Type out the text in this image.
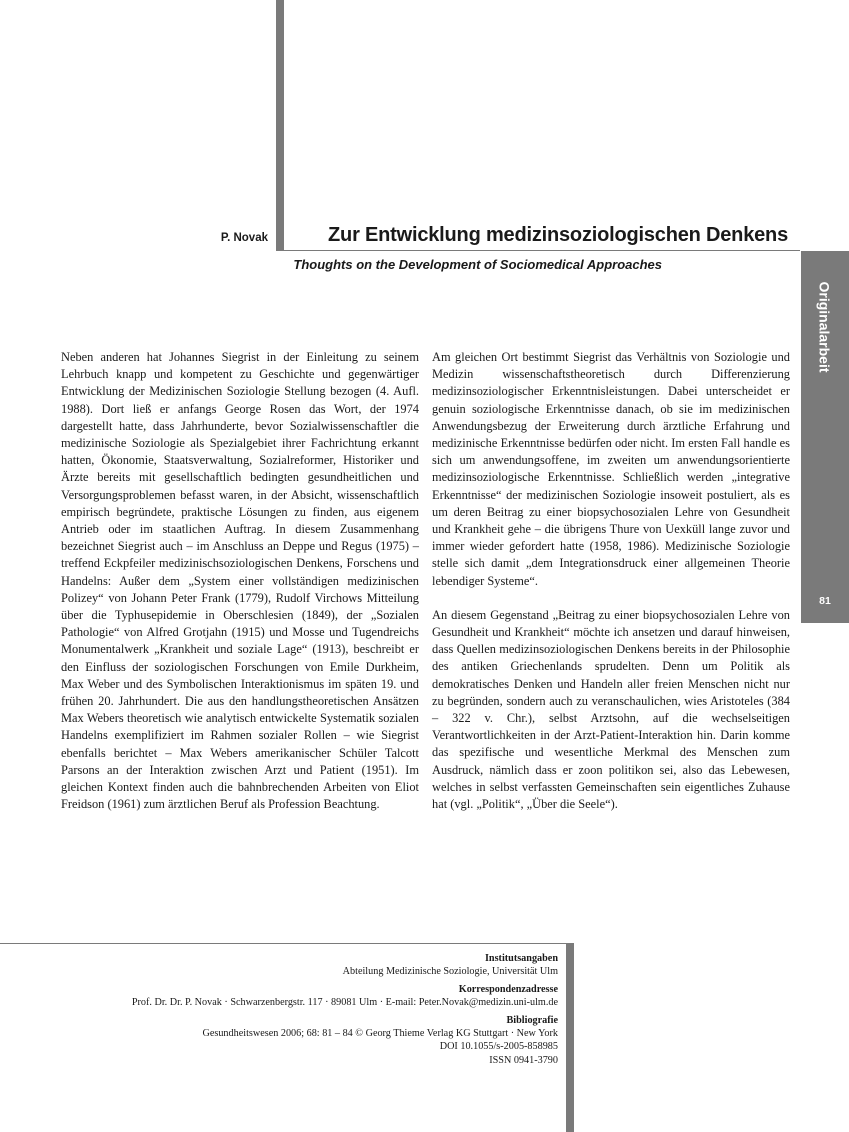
P. Novak	Zur Entwicklung medizinsoziologischen Denkens
Thoughts on the Development of Sociomedical Approaches
Originalarbeit
81

Neben anderen hat Johannes Siegrist in der Einleitung zu seinem Lehrbuch knapp und kompetent zu Geschichte und gegenwärtiger Entwicklung der Medizinischen Soziologie Stellung bezogen (4. Aufl. 1988). Dort ließ er anfangs George Rosen das Wort, der 1974 dargestellt hatte, dass Jahrhunderte, bevor Sozialwissenschaftler die medizinische Soziologie als Spezialgebiet ihrer Fachrichtung erkannt hatten, Ökonomie, Staatsverwaltung, Sozialreformer, Historiker und Ärzte bereits mit gesellschaftlich bedingten gesundheitlichen und Versorgungsproblemen befasst waren, in der Absicht, wissenschaftlich empirisch begründete, praktische Lösungen zu finden, aus eigenem Antrieb oder im staatlichen Auftrag. In diesem Zusammenhang bezeichnet Siegrist auch – im Anschluss an Deppe und Regus (1975) – treffend Eckpfeiler medizinischsoziologischen Denkens, Forschens und Handelns: Außer dem „System einer vollständigen medizinischen Polizey“ von Johann Peter Frank (1779), Rudolf Virchows Mitteilung über die Typhusepidemie in Oberschlesien (1849), der „Sozialen Pathologie“ von Alfred Grotjahn (1915) und Mosse und Tugendreichs Monumentalwerk „Krankheit und soziale Lage“ (1913), beschreibt er den Einfluss der soziologischen Forschungen von Emile Durkheim, Max Weber und des Symbolischen Interaktionismus im späten 19. und frühen 20. Jahrhundert. Die aus den handlungstheoretischen Ansätzen Max Webers theoretisch wie analytisch entwickelte Systematik sozialen Handelns exemplifiziert im Rahmen sozialer Rollen – wie Siegrist ebenfalls berichtet – Max Webers amerikanischer Schüler Talcott Parsons an der Interaktion zwischen Arzt und Patient (1951). Im gleichen Kontext finden auch die bahnbrechenden Arbeiten von Eliot Freidson (1961) zum ärztlichen Beruf als Profession Beachtung.

Am gleichen Ort bestimmt Siegrist das Verhältnis von Soziologie und Medizin wissenschaftstheoretisch durch Differenzierung medizinsoziologischer Erkenntnisleistungen. Dabei unterscheidet er genuin soziologische Erkenntnisse danach, ob sie im medizinischen Anwendungsbezug der Erweiterung durch ärztliche Erfahrung und medizinische Erkenntnisse bedürfen oder nicht. Im ersten Fall handle es sich um anwendungsoffene, im zweiten um anwendungsorientierte medizinsoziologische Erkenntnisse. Schließlich werden „integrative Erkenntnisse“ der medizinischen Soziologie insoweit postuliert, als es um deren Beitrag zu einer biopsychosozialen Lehre von Gesundheit und Krankheit gehe – die übrigens Thure von Uexküll lange zuvor und immer wieder gefordert hatte (1958, 1986). Medizinische Soziologie stelle sich damit „dem Integrationsdruck einer allgemeinen Theorie lebendiger Systeme“.

An diesem Gegenstand „Beitrag zu einer biopsychosozialen Lehre von Gesundheit und Krankheit“ möchte ich ansetzen und darauf hinweisen, dass Quellen medizinsoziologischen Denkens bereits in der Philosophie des antiken Griechenlands sprudelten. Denn um Politik als demokratisches Denken und Handeln aller freien Menschen nicht nur zu begründen, sondern auch zu veranschaulichen, wies Aristoteles (384 – 322 v. Chr.), selbst Arztsohn, auf die wechselseitigen Verantwortlichkeiten in der Arzt-Patient-Interaktion hin. Darin komme das spezifische und wesentliche Merkmal des Menschen zum Ausdruck, nämlich dass er zoon politikon sei, also das Lebewesen, welches in selbst verfassten Gemeinschaften sein eigentliches Zuhause hat (vgl. „Politik“, „Über die Seele“).

Institutsangaben
Abteilung Medizinische Soziologie, Universität Ulm
Korrespondenzadresse
Prof. Dr. Dr. P. Novak · Schwarzenbergstr. 117 · 89081 Ulm · E-mail: Peter.Novak@medizin.uni-ulm.de
Bibliografie
Gesundheitswesen 2006; 68: 81 – 84 © Georg Thieme Verlag KG Stuttgart · New York
DOI 10.1055/s-2005-858985
ISSN 0941-3790
